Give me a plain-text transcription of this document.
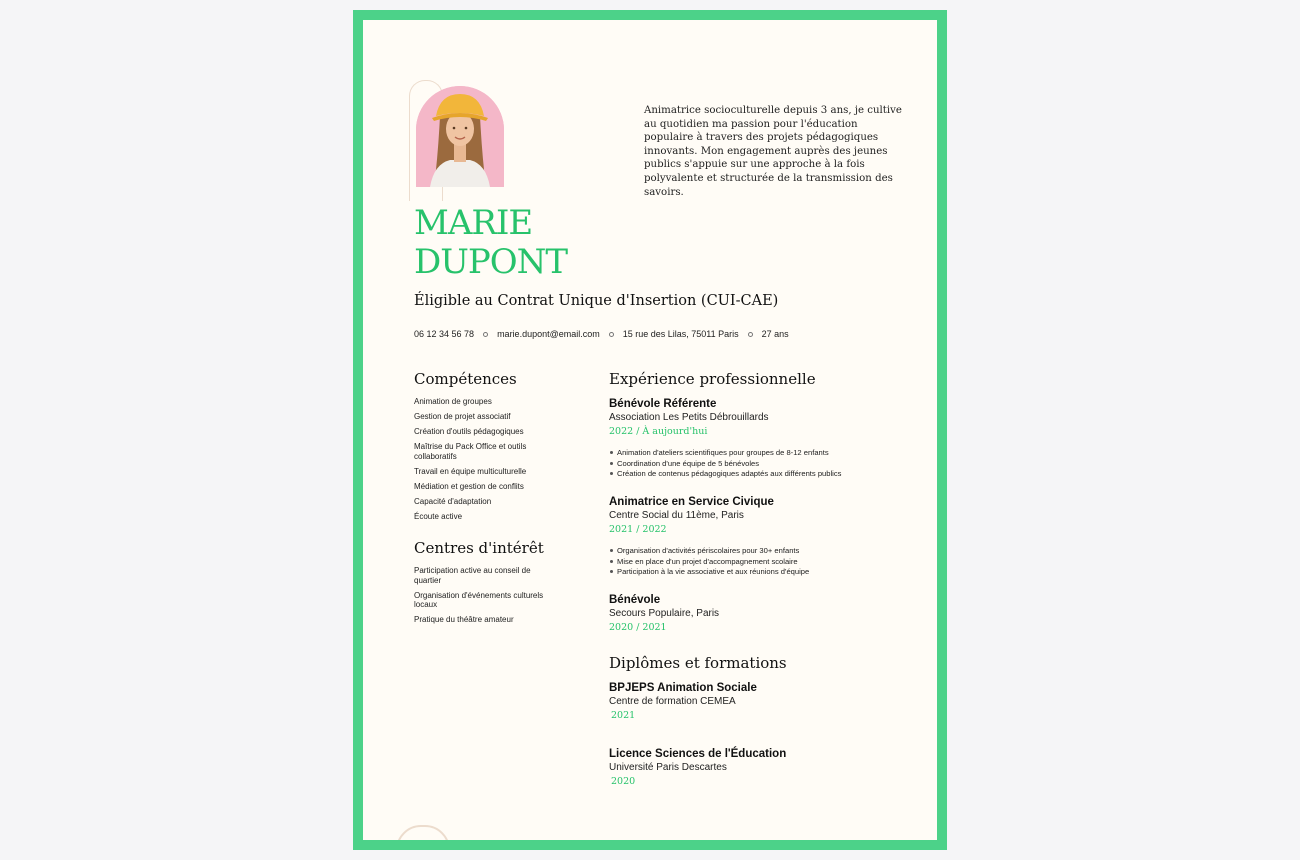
Animatrice socioculturelle depuis 3 ans, je cultive au quotidien ma passion pour l'éducation populaire à travers des projets pédagogiques innovants. Mon engagement auprès des jeunes publics s'appuie sur une approche à la fois polyvalente et structurée de la transmission des savoirs.
MARIE
DUPONT
Éligible au Contrat Unique d'Insertion (CUI-CAE)
06 12 34 56 78	marie.dupont@email.com	15 rue des Lilas, 75011 Paris	27 ans
Compétences
Animation de groupes
Gestion de projet associatif
Création d'outils pédagogiques
Maîtrise du Pack Office et outils collaboratifs
Travail en équipe multiculturelle
Médiation et gestion de conflits
Capacité d'adaptation
Écoute active
Centres d'intérêt
Participation active au conseil de quartier
Organisation d'événements culturels locaux
Pratique du théâtre amateur
Expérience professionnelle
Bénévole Référente
Association Les Petits Débrouillards
2022 / À aujourd'hui
Animation d'ateliers scientifiques pour groupes de 8-12 enfants
Coordination d'une équipe de 5 bénévoles
Création de contenus pédagogiques adaptés aux différents publics
Animatrice en Service Civique
Centre Social du 11ème, Paris
2021 / 2022
Organisation d'activités périscolaires pour 30+ enfants
Mise en place d'un projet d'accompagnement scolaire
Participation à la vie associative et aux réunions d'équipe
Bénévole
Secours Populaire, Paris
2020 / 2021
Diplômes et formations
BPJEPS Animation Sociale
Centre de formation CEMEA
2021
Licence Sciences de l'Éducation
Université Paris Descartes
2020
